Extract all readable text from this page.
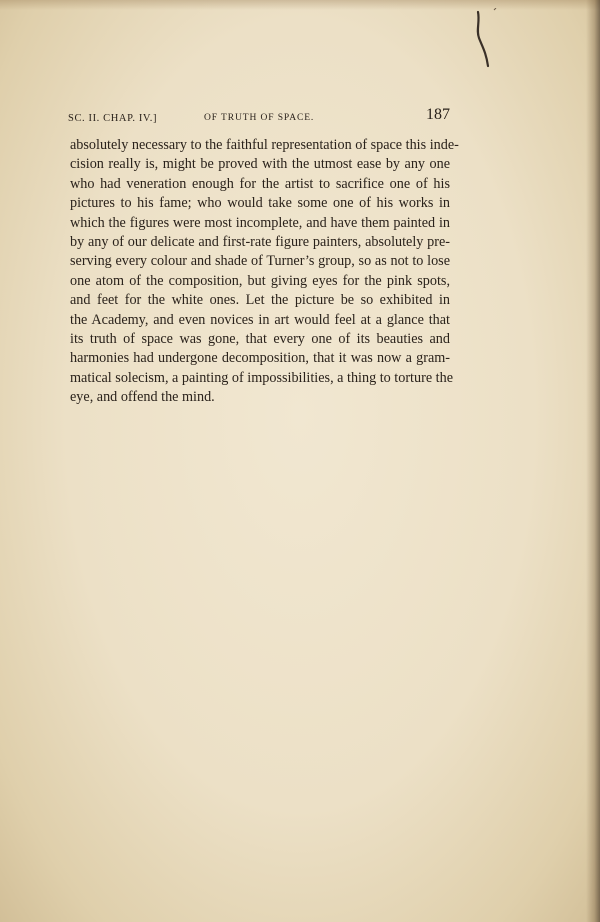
SC. II. CHAP. IV.]	OF TRUTH OF SPACE.	187
absolutely necessary to the faithful representation of space this inde-
cision really is, might be proved with the utmost ease by any one
who had veneration enough for the artist to sacrifice one of his
pictures to his fame; who would take some one of his works in
which the figures were most incomplete, and have them painted in
by any of our delicate and first-rate figure painters, absolutely pre-
serving every colour and shade of Turner’s group, so as not to lose
one atom of the composition, but giving eyes for the pink spots,
and feet for the white ones. Let the picture be so exhibited in
the Academy, and even novices in art would feel at a glance that
its truth of space was gone, that every one of its beauties and
harmonies had undergone decomposition, that it was now a gram-
matical solecism, a painting of impossibilities, a thing to torture the
eye, and offend the mind.
